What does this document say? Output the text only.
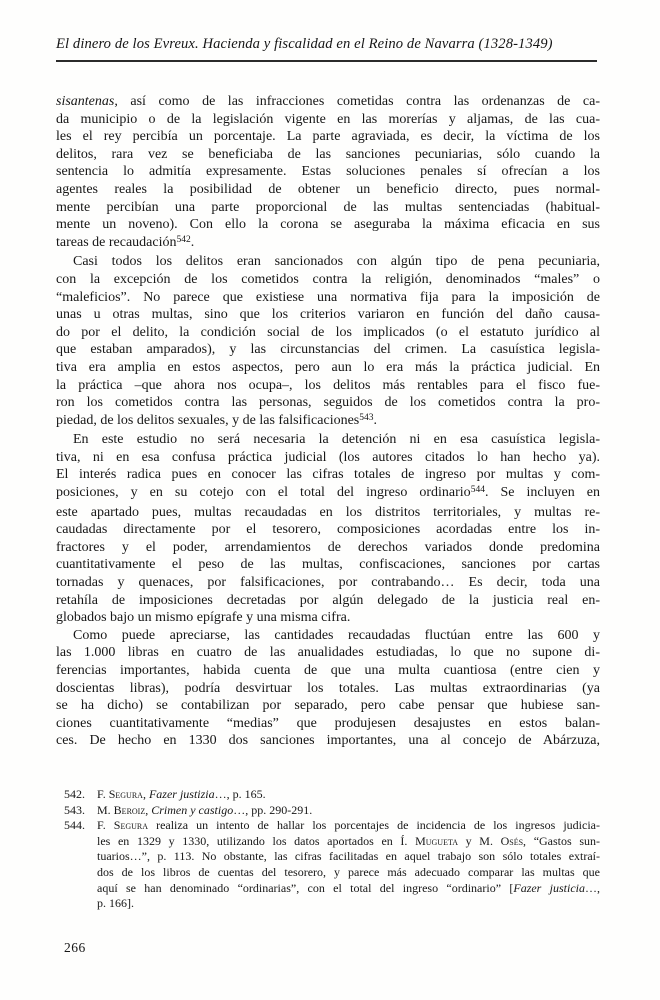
El dinero de los Evreux. Hacienda y fiscalidad en el Reino de Navarra (1328-1349)
sisantenas, así como de las infracciones cometidas contra las ordenanzas de ca-
da municipio o de la legislación vigente en las morerías y aljamas, de las cua-
les el rey percibía un porcentaje. La parte agraviada, es decir, la víctima de los
delitos, rara vez se beneficiaba de las sanciones pecuniarias, sólo cuando la
sentencia lo admitía expresamente. Estas soluciones penales sí ofrecían a los
agentes reales la posibilidad de obtener un beneficio directo, pues normal-
mente percibían una parte proporcional de las multas sentenciadas (habitual-
mente un noveno). Con ello la corona se aseguraba la máxima eficacia en sus
tareas de recaudación$^{542}$.
Casi todos los delitos eran sancionados con algún tipo de pena pecuniaria,
con la excepción de los cometidos contra la religión, denominados “males” o
“maleficios”. No parece que existiese una normativa fija para la imposición de
unas u otras multas, sino que los criterios variaron en función del daño causa-
do por el delito, la condición social de los implicados (o el estatuto jurídico al
que estaban amparados), y las circunstancias del crimen. La casuística legisla-
tiva era amplia en estos aspectos, pero aun lo era más la práctica judicial. En
la práctica –que ahora nos ocupa–, los delitos más rentables para el fisco fue-
ron los cometidos contra las personas, seguidos de los cometidos contra la pro-
piedad, de los delitos sexuales, y de las falsificaciones$^{543}$.
En este estudio no será necesaria la detención ni en esa casuística legisla-
tiva, ni en esa confusa práctica judicial (los autores citados lo han hecho ya).
El interés radica pues en conocer las cifras totales de ingreso por multas y com-
posiciones, y en su cotejo con el total del ingreso ordinario$^{544}$. Se incluyen en
este apartado pues, multas recaudadas en los distritos territoriales, y multas re-
caudadas directamente por el tesorero, composiciones acordadas entre los in-
fractores y el poder, arrendamientos de derechos variados donde predomina
cuantitativamente el peso de las multas, confiscaciones, sanciones por cartas
tornadas y quenaces, por falsificaciones, por contrabando… Es decir, toda una
retahíla de imposiciones decretadas por algún delegado de la justicia real en-
globados bajo un mismo epígrafe y una misma cifra.
Como puede apreciarse, las cantidades recaudadas fluctúan entre las 600 y
las 1.000 libras en cuatro de las anualidades estudiadas, lo que no supone di-
ferencias importantes, habida cuenta de que una multa cuantiosa (entre cien y
doscientas libras), podría desvirtuar los totales. Las multas extraordinarias (ya
se ha dicho) se contabilizan por separado, pero cabe pensar que hubiese san-
ciones cuantitativamente “medias” que produjesen desajustes en estos balan-
ces. De hecho en 1330 dos sanciones importantes, una al concejo de Abárzuza,
542.	F. Segura, Fazer justizia…, p. 165.
543.	M. Beroiz, Crimen y castigo…, pp. 290-291.
544.	F. Segura realiza un intento de hallar los porcentajes de incidencia de los ingresos judicia-
les en 1329 y 1330, utilizando los datos aportados en Í. Mugueta y M. Osés, “Gastos sun-
tuarios…”, p. 113. No obstante, las cifras facilitadas en aquel trabajo son sólo totales extraí-
dos de los libros de cuentas del tesorero, y parece más adecuado comparar las multas que
aquí se han denominado “ordinarias”, con el total del ingreso “ordinario” [Fazer justicia…,
p. 166].
266
